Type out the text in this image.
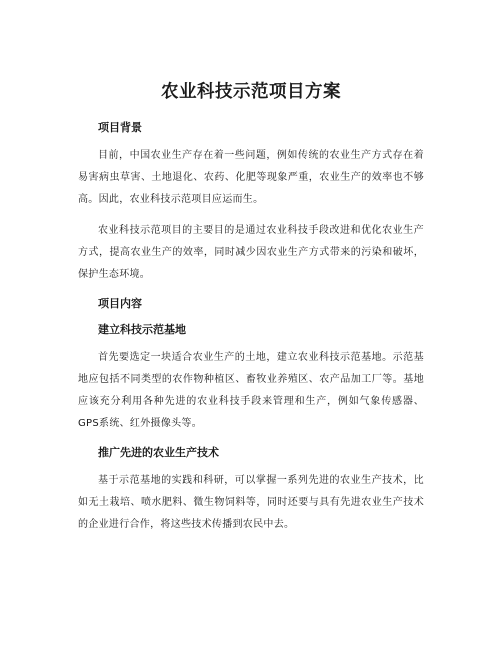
农业科技示范项目方案
项目背景

目前，中国农业生产存在着一些问题，例如传统的农业生产方式存在着易害病虫草害、土地退化、农药、化肥等现象严重，农业生产的效率也不够高。因此，农业科技示范项目应运而生。

农业科技示范项目的主要目的是通过农业科技手段改进和优化农业生产方式，提高农业生产的效率，同时减少因农业生产方式带来的污染和破坏，保护生态环境。

项目内容
建立科技示范基地

首先要选定一块适合农业生产的土地，建立农业科技示范基地。示范基地应包括不同类型的农作物种植区、畜牧业养殖区、农产品加工厂等。基地应该充分利用各种先进的农业科技手段来管理和生产，例如气象传感器、GPS系统、红外摄像头等。

推广先进的农业生产技术

基于示范基地的实践和科研，可以掌握一系列先进的农业生产技术，比如无土栽培、喷水肥料、微生物饲料等，同时还要与具有先进农业生产技术的企业进行合作，将这些技术传播到农民中去。
